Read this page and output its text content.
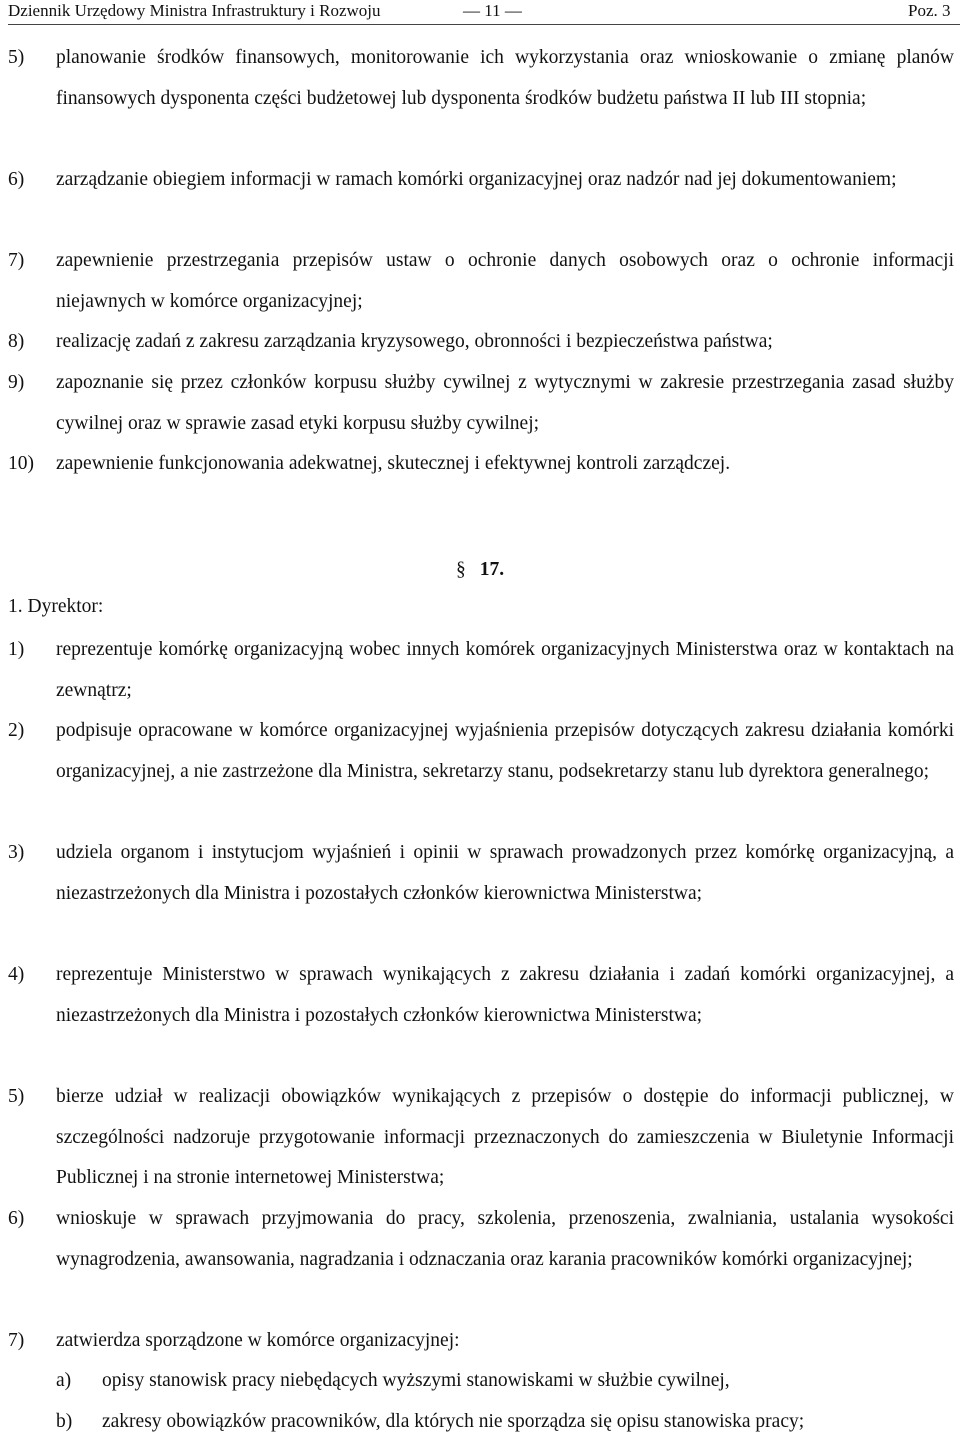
Dziennik Urzędowy Ministra Infrastruktury i Rozwoju	— 11 —	Poz. 3
5) planowanie środków finansowych, monitorowanie ich wykorzystania oraz wnioskowanie o zmianę planów finansowych dysponenta części budżetowej lub dysponenta środków budżetu państwa II lub III stopnia;
6) zarządzanie obiegiem informacji w ramach komórki organizacyjnej oraz nadzór nad jej dokumentowaniem;
7) zapewnienie przestrzegania przepisów ustaw o ochronie danych osobowych oraz o ochronie informacji niejawnych w komórce organizacyjnej;
8) realizację zadań z zakresu zarządzania kryzysowego, obronności i bezpieczeństwa państwa;
9) zapoznanie się przez członków korpusu służby cywilnej z wytycznymi w zakresie przestrzegania zasad służby cywilnej oraz w sprawie zasad etyki korpusu służby cywilnej;
10) zapewnienie funkcjonowania adekwatnej, skutecznej i efektywnej kontroli zarządczej.
§ 17.
1. Dyrektor:
1) reprezentuje komórkę organizacyjną wobec innych komórek organizacyjnych Ministerstwa oraz w kontaktach na zewnątrz;
2) podpisuje opracowane w komórce organizacyjnej wyjaśnienia przepisów dotyczących zakresu działania komórki organizacyjnej, a nie zastrzeżone dla Ministra, sekretarzy stanu, podsekretarzy stanu lub dyrektora generalnego;
3) udziela organom i instytucjom wyjaśnień i opinii w sprawach prowadzonych przez komórkę organizacyjną, a niezastrzeżonych dla Ministra i pozostałych członków kierownictwa Ministerstwa;
4) reprezentuje Ministerstwo w sprawach wynikających z zakresu działania i zadań komórki organizacyjnej, a niezastrzeżonych dla Ministra i pozostałych członków kierownictwa Ministerstwa;
5) bierze udział w realizacji obowiązków wynikających z przepisów o dostępie do informacji publicznej, w szczególności nadzoruje przygotowanie informacji przeznaczonych do zamieszczenia w Biuletynie Informacji Publicznej i na stronie internetowej Ministerstwa;
6) wnioskuje w sprawach przyjmowania do pracy, szkolenia, przenoszenia, zwalniania, ustalania wysokości wynagrodzenia, awansowania, nagradzania i odznaczania oraz karania pracowników komórki organizacyjnej;
7) zatwierdza sporządzone w komórce organizacyjnej:
a) opisy stanowisk pracy niebędących wyższymi stanowiskami w służbie cywilnej,
b) zakresy obowiązków pracowników, dla których nie sporządza się opisu stanowiska pracy;
